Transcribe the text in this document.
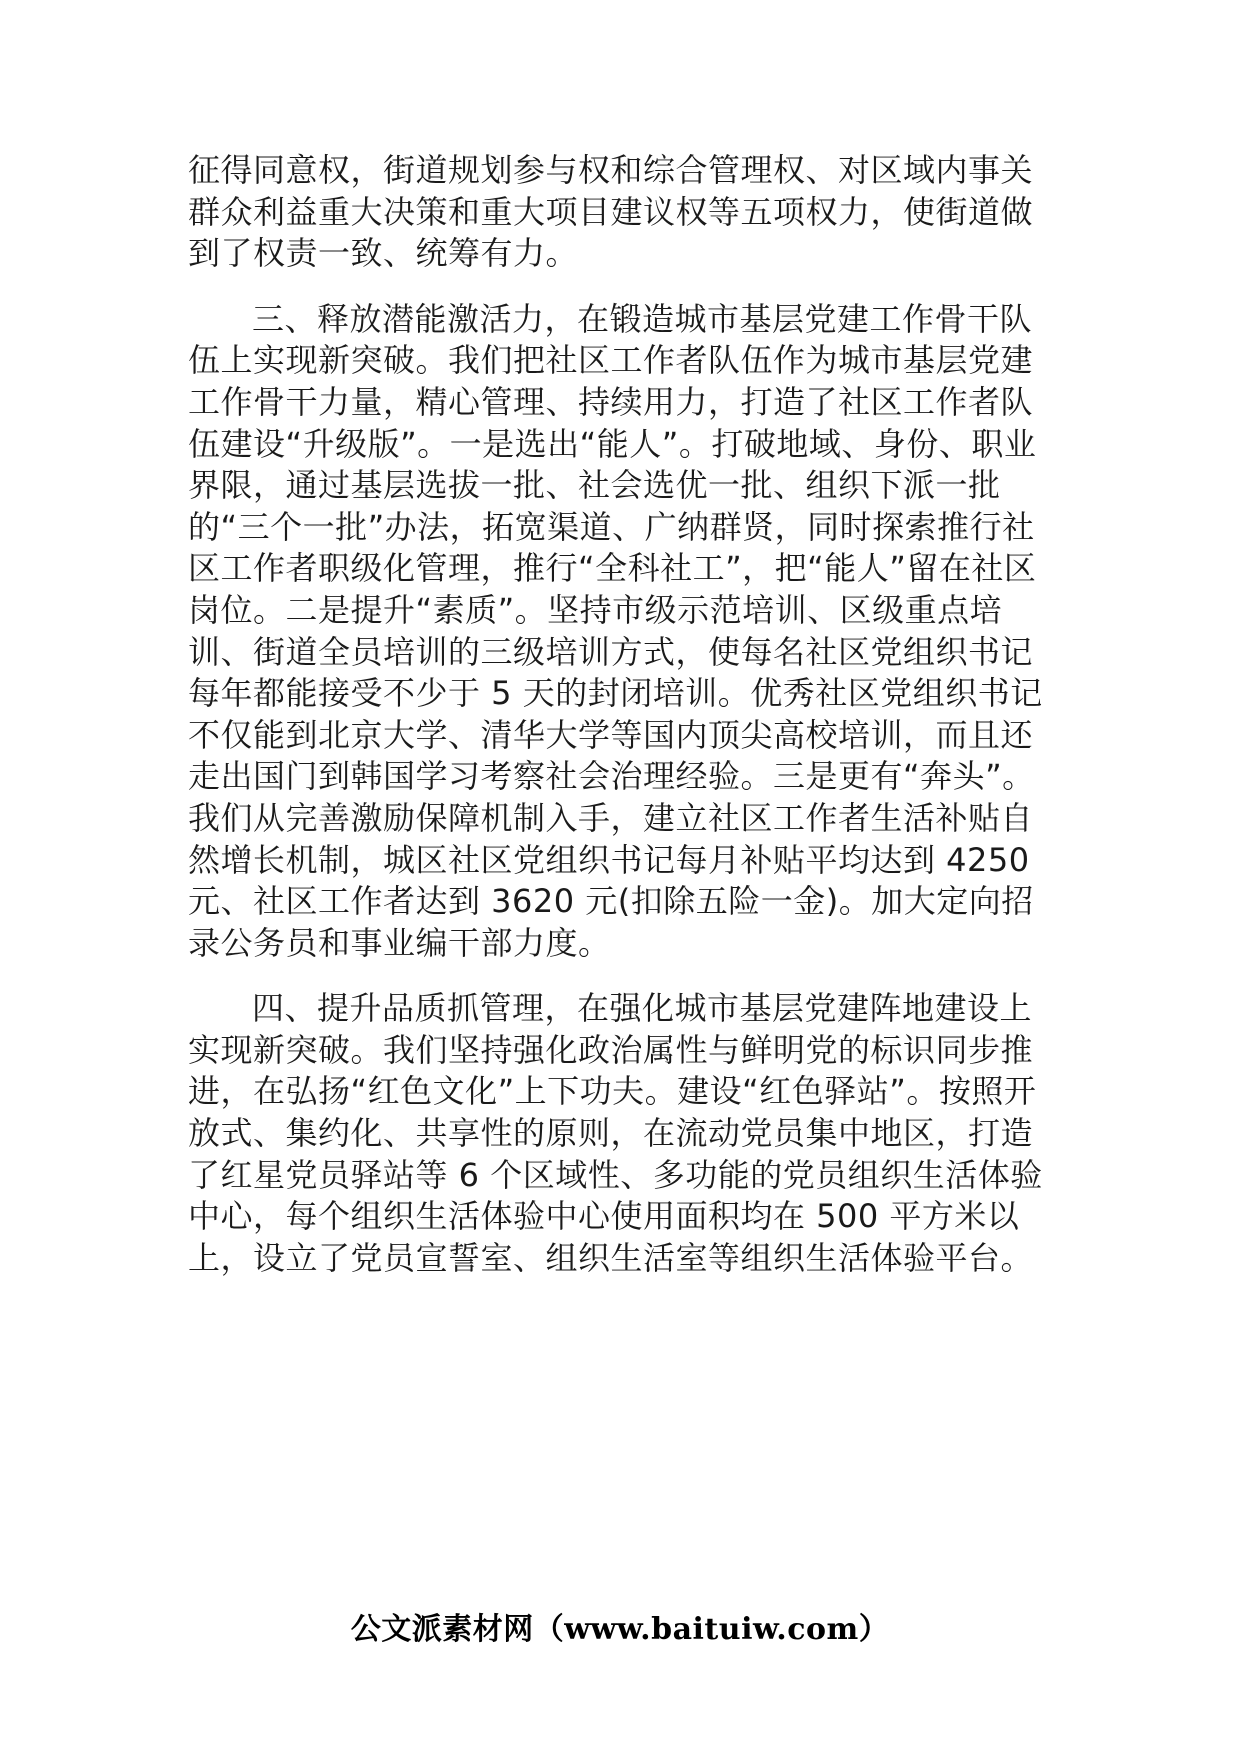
征得同意权，街道规划参与权和综合管理权、对区域内事关群众利益重大决策和重大项目建议权等五项权力，使街道做到了权责一致、统筹有力。

三、释放潜能激活力，在锻造城市基层党建工作骨干队伍上实现新突破。我们把社区工作者队伍作为城市基层党建工作骨干力量，精心管理、持续用力，打造了社区工作者队伍建设“升级版”。一是选出“能人”。打破地域、身份、职业界限，通过基层选拔一批、社会选优一批、组织下派一批的“三个一批”办法，拓宽渠道、广纳群贤，同时探索推行社区工作者职级化管理，推行“全科社工”，把“能人”留在社区岗位。二是提升“素质”。坚持市级示范培训、区级重点培训、街道全员培训的三级培训方式，使每名社区党组织书记每年都能接受不少于 5 天的封闭培训。优秀社区党组织书记不仅能到北京大学、清华大学等国内顶尖高校培训，而且还走出国门到韩国学习考察社会治理经验。三是更有“奔头”。我们从完善激励保障机制入手，建立社区工作者生活补贴自然增长机制，城区社区党组织书记每月补贴平均达到 4250 元、社区工作者达到 3620 元(扣除五险一金)。加大定向招录公务员和事业编干部力度。

四、提升品质抓管理，在强化城市基层党建阵地建设上实现新突破。我们坚持强化政治属性与鲜明党的标识同步推进，在弘扬“红色文化”上下功夫。建设“红色驿站”。按照开放式、集约化、共享性的原则，在流动党员集中地区，打造了红星党员驿站等 6 个区域性、多功能的党员组织生活体验中心，每个组织生活体验中心使用面积均在 500 平方米以上，设立了党员宣誓室、组织生活室等组织生活体验平台。

公文派素材网（www.baituiw.com）
